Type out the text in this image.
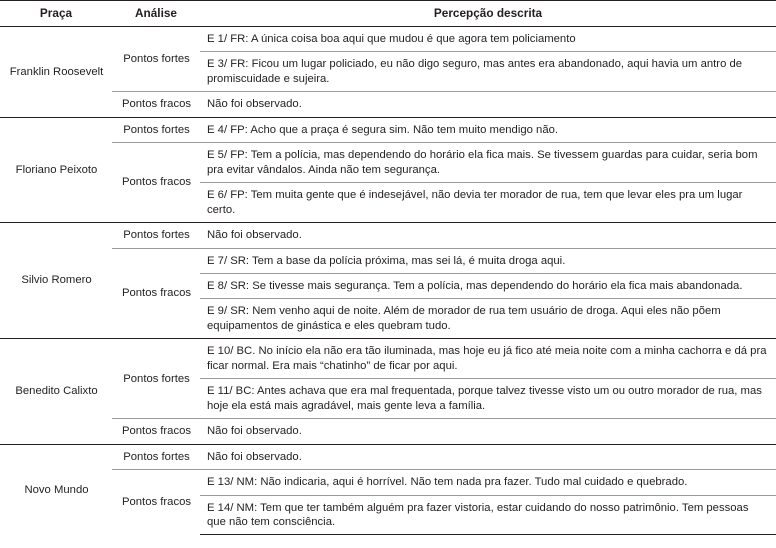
Praça	Análise	Percepção descrita
Franklin Roosevelt	Pontos fortes	E 1/ FR: A única coisa boa aqui que mudou é que agora tem policiamento
		E 3/ FR: Ficou um lugar policiado, eu não digo seguro, mas antes era abandonado, aqui havia um antro de promiscuidade e sujeira.
	Pontos fracos	Não foi observado.
Floriano Peixoto	Pontos fortes	E 4/ FP: Acho que a praça é segura sim. Não tem muito mendigo não.
	Pontos fracos	E 5/ FP: Tem a polícia, mas dependendo do horário ela fica mais. Se tivessem guardas para cuidar, seria bom pra evitar vândalos. Ainda não tem segurança.
		E 6/ FP: Tem muita gente que é indesejável, não devia ter morador de rua, tem que levar eles pra um lugar certo.
Silvio Romero	Pontos fortes	Não foi observado.
	Pontos fracos	E 7/ SR: Tem a base da polícia próxima, mas sei lá, é muita droga aqui.
		E 8/ SR: Se tivesse mais segurança. Tem a polícia, mas dependendo do horário ela fica mais abandonada.
		E 9/ SR: Nem venho aqui de noite. Além de morador de rua tem usuário de droga. Aqui eles não põem equipamentos de ginástica e eles quebram tudo.
Benedito Calixto	Pontos fortes	E 10/ BC. No início ela não era tão iluminada, mas hoje eu já fico até meia noite com a minha cachorra e dá pra ficar normal. Era mais “chatinho” de ficar por aqui.
		E 11/ BC: Antes achava que era mal frequentada, porque talvez tivesse visto um ou outro morador de rua, mas hoje ela está mais agradável, mais gente leva a família.
	Pontos fracos	Não foi observado.
Novo Mundo	Pontos fortes	Não foi observado.
	Pontos fracos	E 13/ NM: Não indicaria, aqui é horrível. Não tem nada pra fazer. Tudo mal cuidado e quebrado.
		E 14/ NM: Tem que ter também alguém pra fazer vistoria, estar cuidando do nosso patrimônio. Tem pessoas que não tem consciência.
